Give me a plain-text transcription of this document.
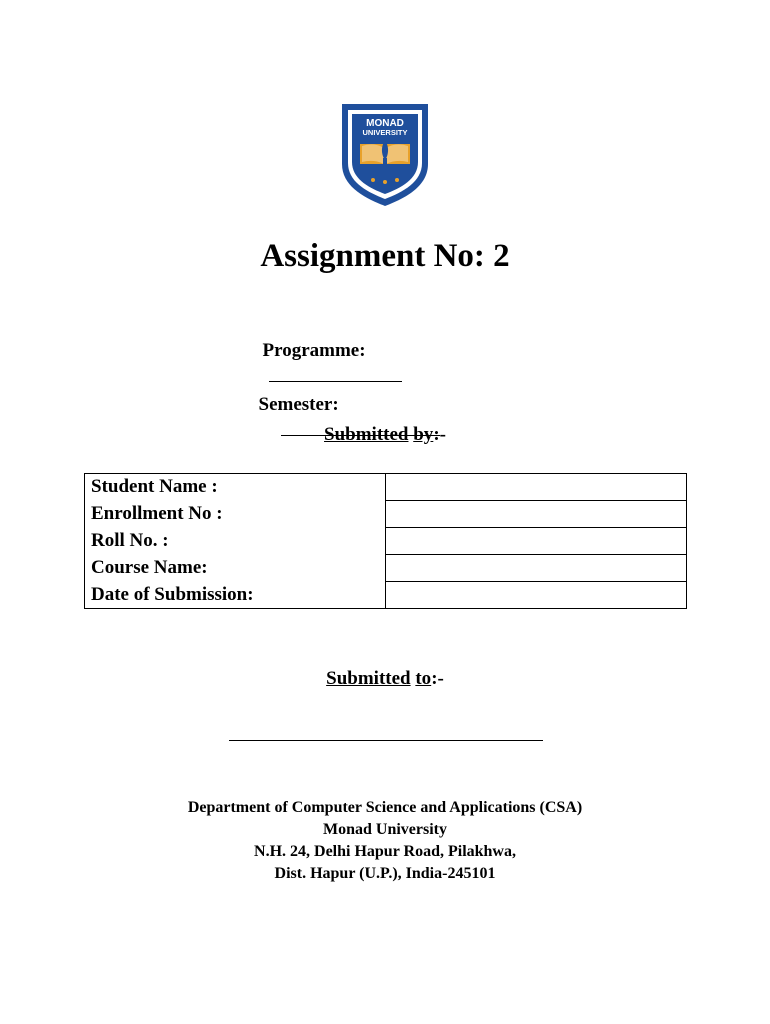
MONAD
UNIVERSITY
Assignment No: 2

Programme:

Semester:

Submitted by:-
Student Name :	
Enrollment No :	
Roll No. :	
Course Name:	
Date of Submission:	
Submitted to:-
Department of Computer Science and Applications (CSA)
Monad University
N.H. 24, Delhi Hapur Road, Pilakhwa,
Dist. Hapur (U.P.), India-245101
